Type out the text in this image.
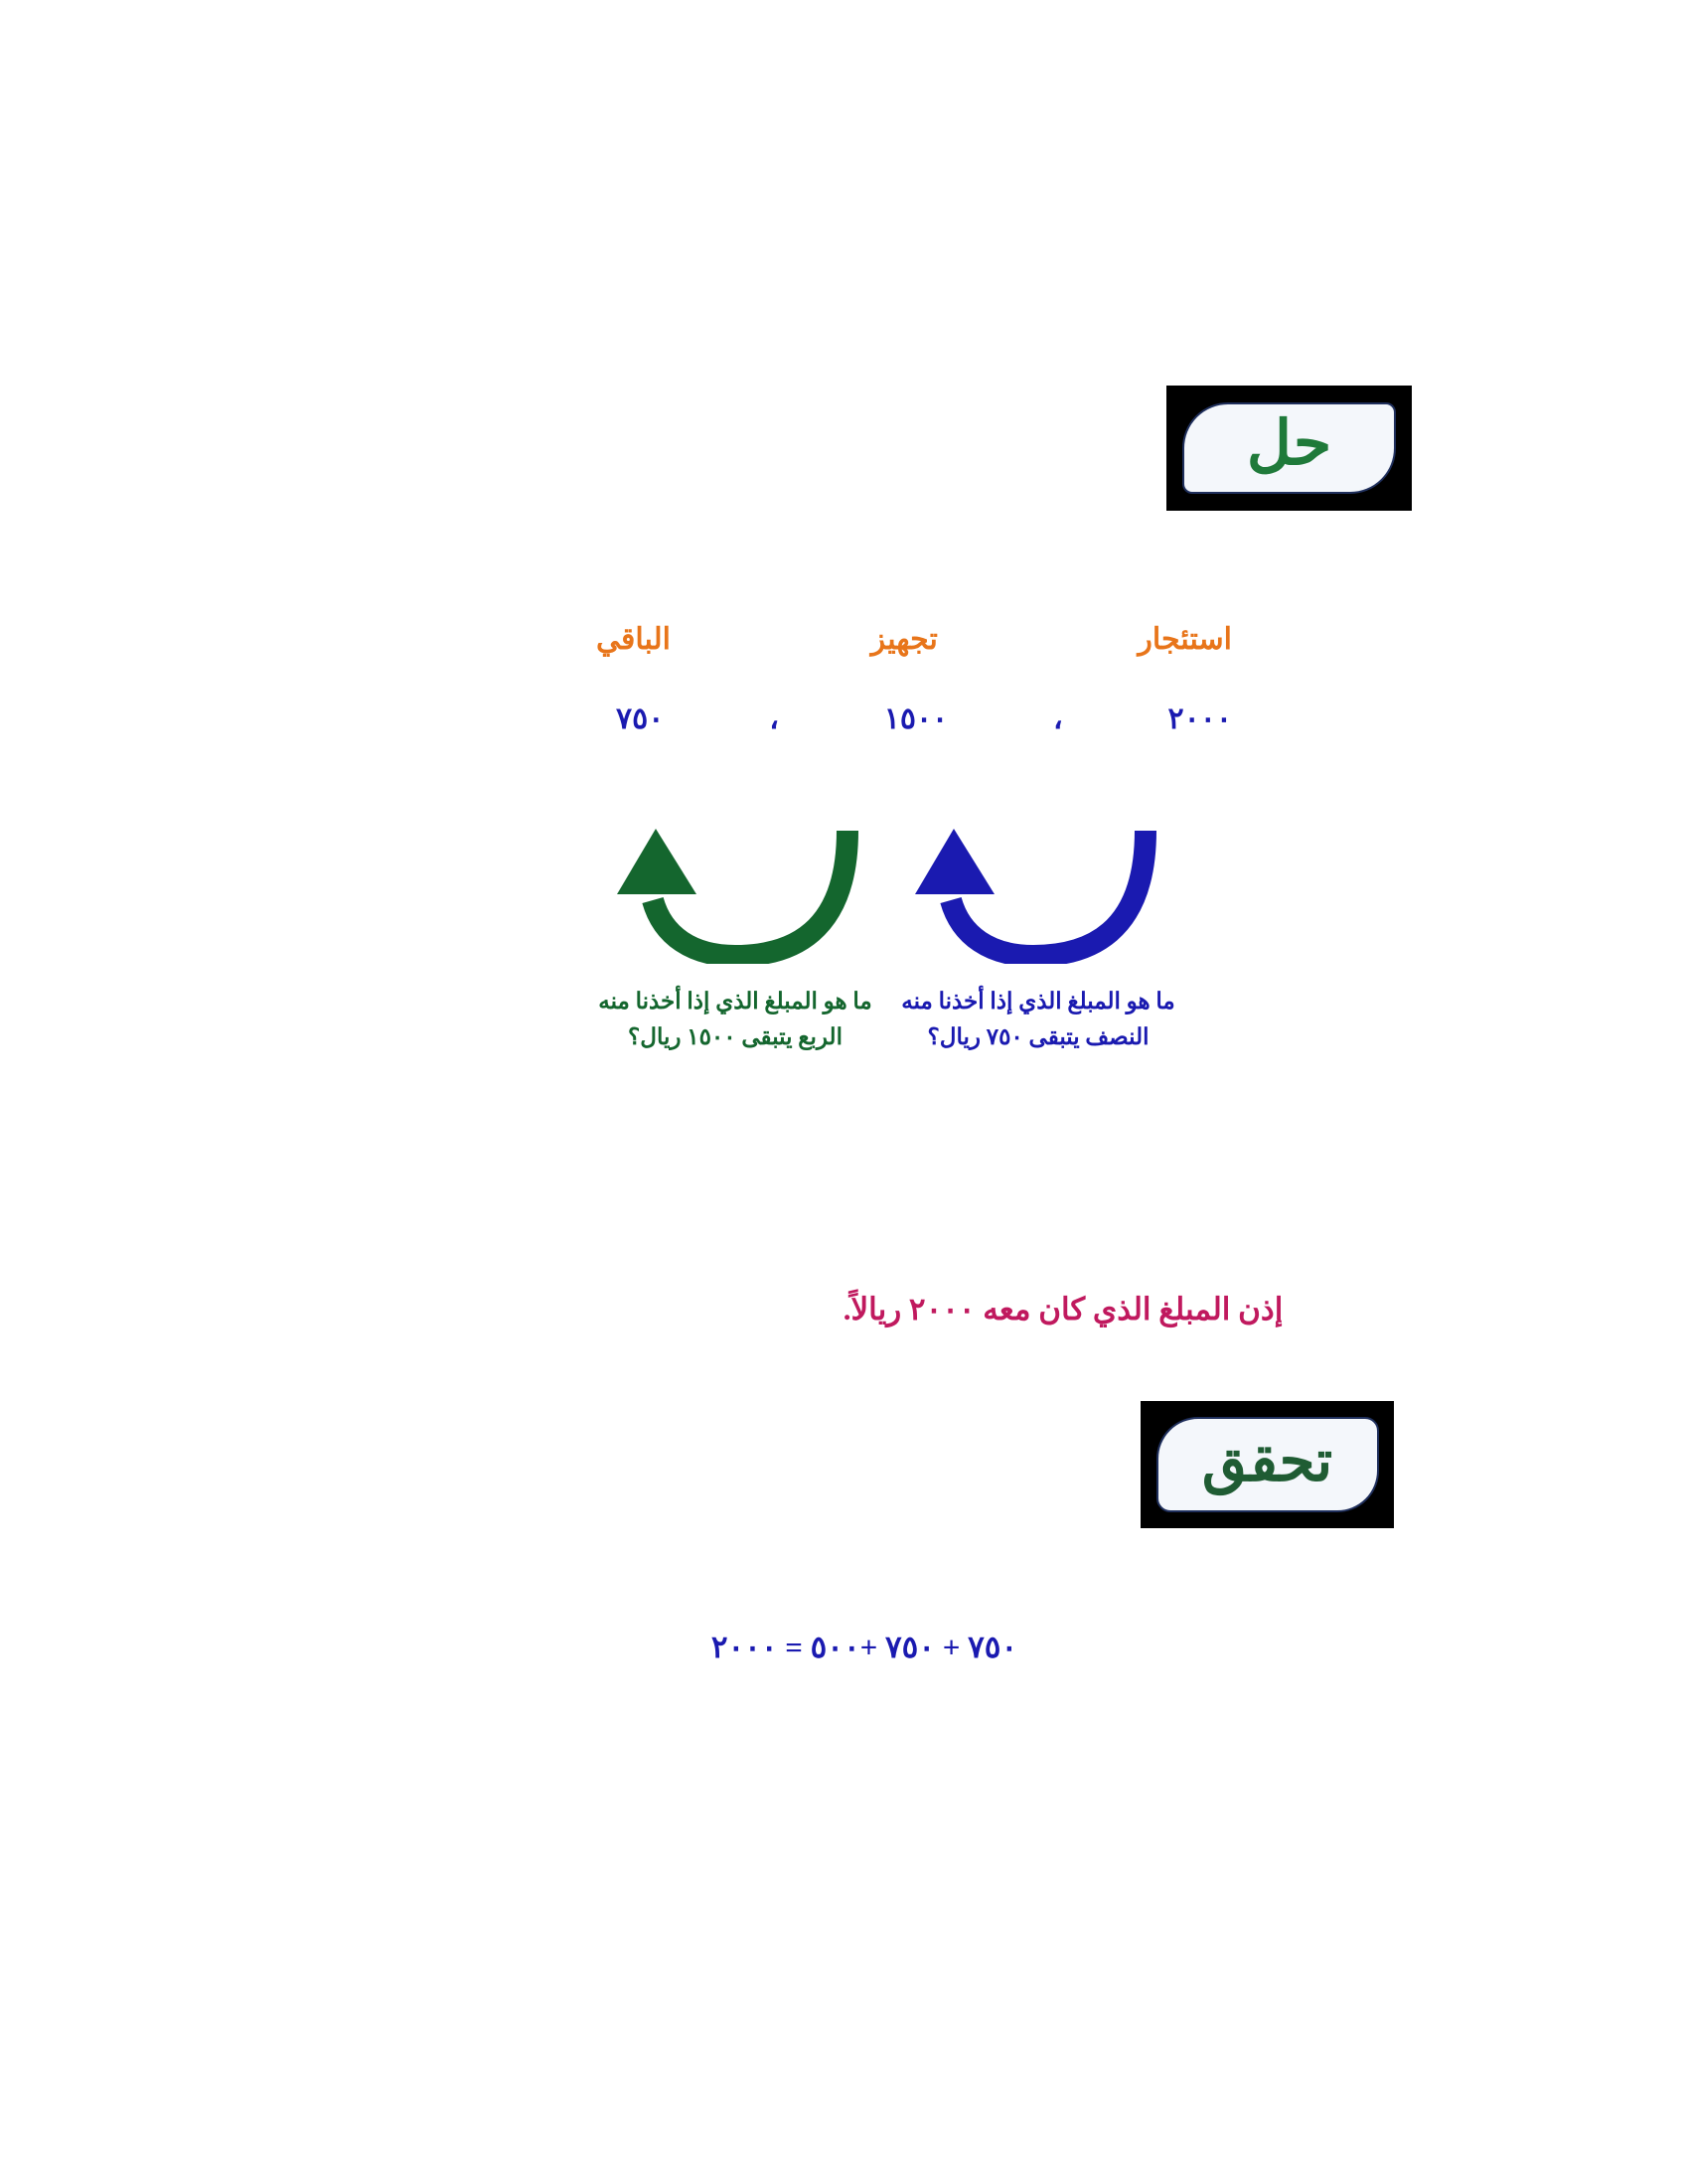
حل
استئجار
تجهيز
الباقي
٢٠٠٠
،
١٥٠٠
،
٧٥٠
ما هو المبلغ الذي إذا أخذنا منه النصف يتبقى ٧٥٠ ريال؟
ما هو المبلغ الذي إذا أخذنا منه الربع يتبقى ١٥٠٠ ريال؟
إذن المبلغ الذي كان معه ٢٠٠٠ ريالاً.
تحقق
٧٥٠ + ٧٥٠ +٥٠٠ = ٢٠٠٠
